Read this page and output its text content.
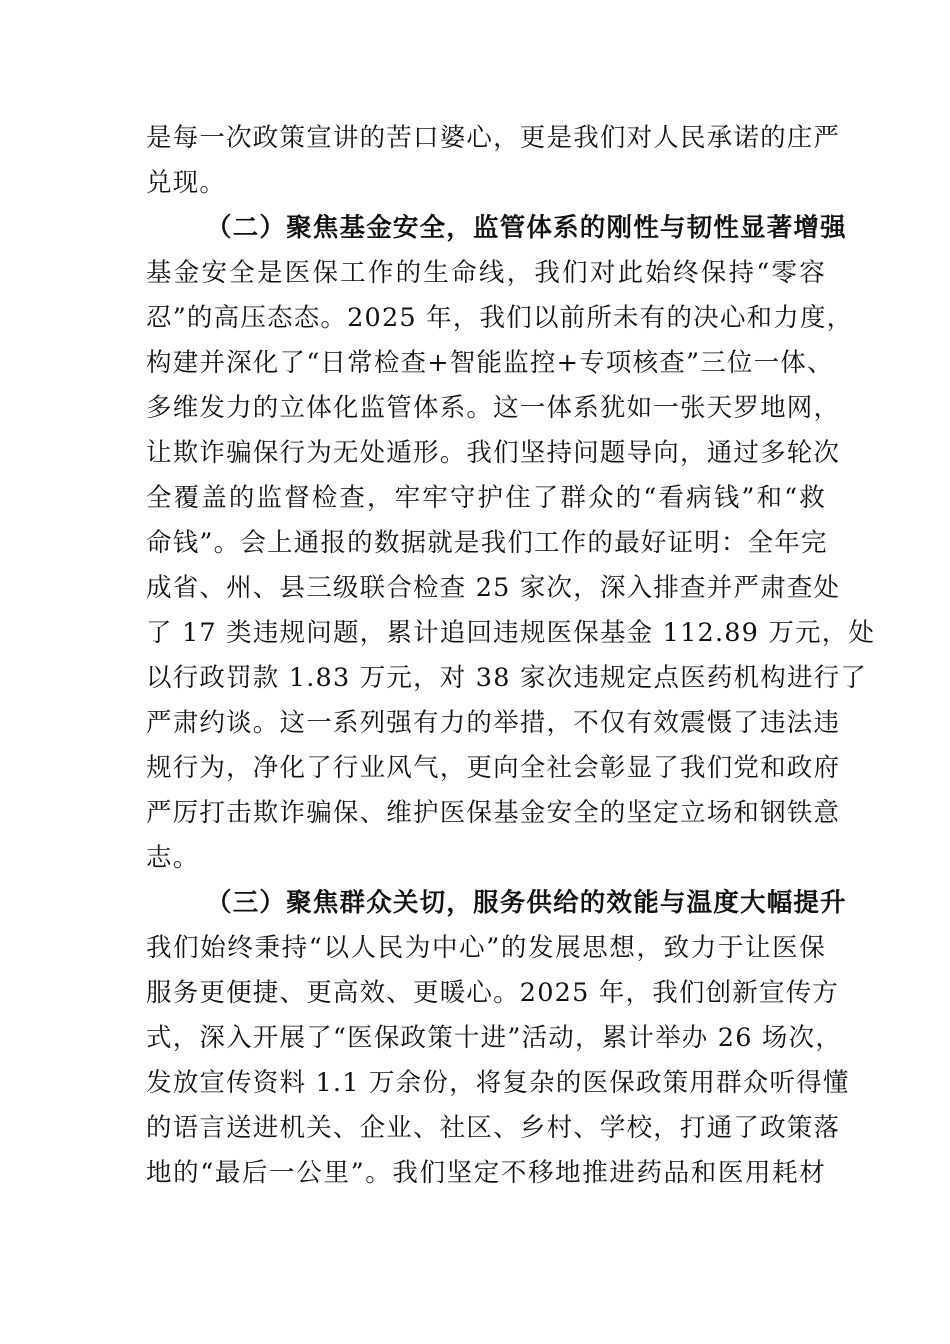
是每一次政策宣讲的苦口婆心，更是我们对人民承诺的庄严
兑现。
（二）聚焦基金安全，监管体系的刚性与韧性显著增强
基金安全是医保工作的生命线，我们对此始终保持“零容
忍”的高压态态。2025 年，我们以前所未有的决心和力度，
构建并深化了“日常检查+智能监控+专项核查”三位一体、
多维发力的立体化监管体系。这一体系犹如一张天罗地网，
让欺诈骗保行为无处遁形。我们坚持问题导向，通过多轮次
全覆盖的监督检查，牢牢守护住了群众的“看病钱”和“救
命钱”。会上通报的数据就是我们工作的最好证明：全年完
成省、州、县三级联合检查 25 家次，深入排查并严肃查处
了 17 类违规问题，累计追回违规医保基金 112.89 万元，处
以行政罚款 1.83 万元，对 38 家次违规定点医药机构进行了
严肃约谈。这一系列强有力的举措，不仅有效震慑了违法违
规行为，净化了行业风气，更向全社会彰显了我们党和政府
严厉打击欺诈骗保、维护医保基金安全的坚定立场和钢铁意
志。
（三）聚焦群众关切，服务供给的效能与温度大幅提升
我们始终秉持“以人民为中心”的发展思想，致力于让医保
服务更便捷、更高效、更暖心。2025 年，我们创新宣传方
式，深入开展了“医保政策十进”活动，累计举办 26 场次，
发放宣传资料 1.1 万余份，将复杂的医保政策用群众听得懂
的语言送进机关、企业、社区、乡村、学校，打通了政策落
地的“最后一公里”。我们坚定不移地推进药品和医用耗材
